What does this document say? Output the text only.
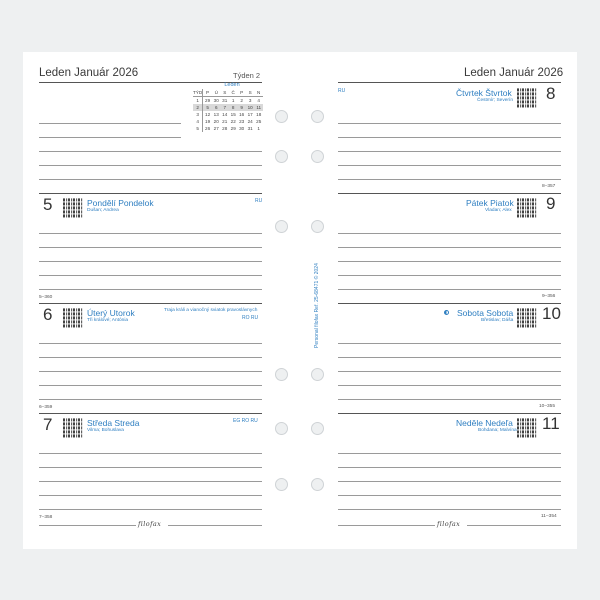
Leden Január 2026	Týden 2
Leden
TÝD	P	Ú	S	Č	P	S	N
1	29	30	31	1	2	3	4
2	5	6	7	8	9	10	11
3	12	13	14	15	16	17	18
4	19	20	21	22	23	24	25
5	26	27	28	29	30	31	1
5	Pondělí Pondelok
Dušan; Andrea
RU
5–360
6	Úterý Utorok
Tři králové; Antónia
Traja králi a vianočný sviatok pravoslávnych
RO RU
6–359
7	Středa Streda
Vilma; Bohuslava
EG RO RU
7–358
filofax
Personal filofax Ref. 25-68471 © 2024
Leden Január 2026
RU	Čtvrtek Štvrtok
Čestmír; Severín 8
8–357
Pátek Piatok
Vladan; Alex 9
9–356
Sobota Sobota
Břetislav; Dáša 10
10–355
Neděle Nedeľa
Bohdana; Malvína 11
11–354
filofax
